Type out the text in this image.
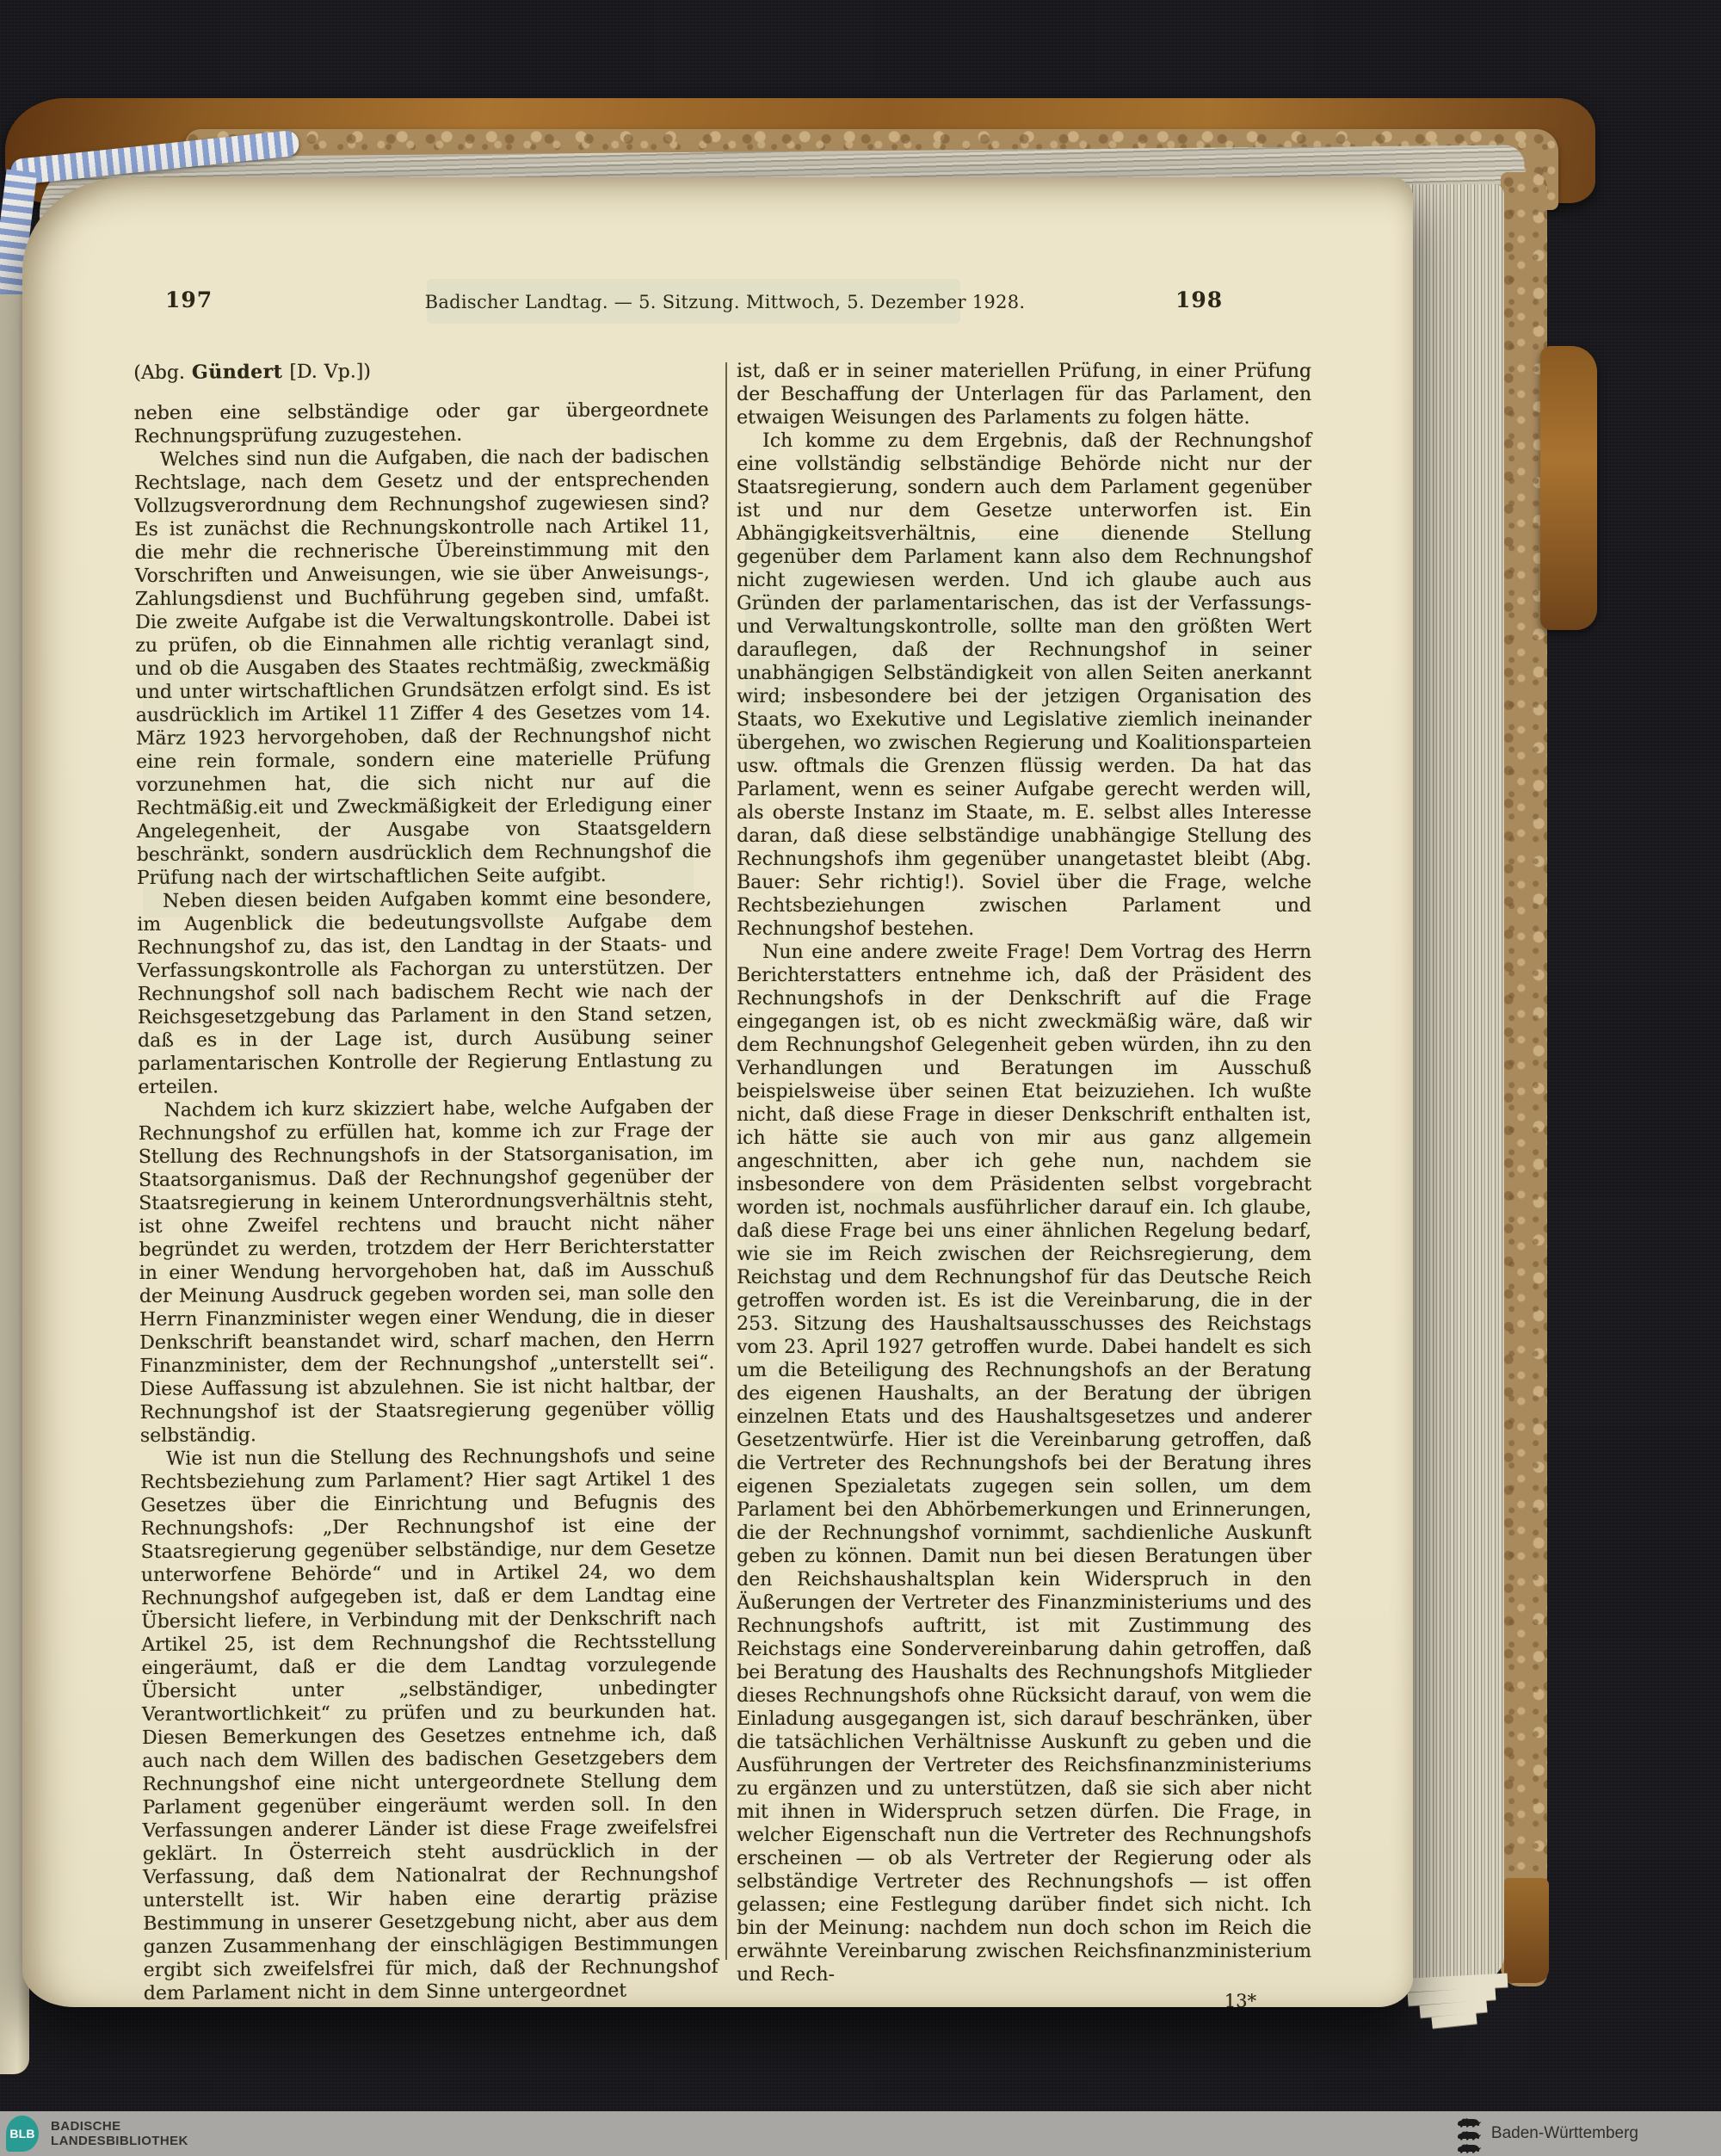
197	Badischer Landtag. — 5. Sitzung. Mittwoch, 5. Dezember 1928.	198

(Abg. Gündert [D. Vp.])

neben eine selbständige oder gar übergeordnete Rechnungsprüfung zuzugestehen.

Welches sind nun die Aufgaben, die nach der badischen Rechtslage, nach dem Gesetz und der entsprechenden Vollzugsverordnung dem Rechnungshof zugewiesen sind? Es ist zunächst die Rechnungskontrolle nach Artikel 11, die mehr die rechnerische Übereinstimmung mit den Vorschriften und Anweisungen, wie sie über Anweisungs-, Zahlungsdienst und Buchführung gegeben sind, umfaßt. Die zweite Aufgabe ist die Verwaltungskontrolle. Dabei ist zu prüfen, ob die Einnahmen alle richtig veranlagt sind, und ob die Ausgaben des Staates rechtmäßig, zweckmäßig und unter wirtschaftlichen Grundsätzen erfolgt sind. Es ist ausdrücklich im Artikel 11 Ziffer 4 des Gesetzes vom 14. März 1923 hervorgehoben, daß der Rechnungshof nicht eine rein formale, sondern eine materielle Prüfung vorzunehmen hat, die sich nicht nur auf die Rechtmäßig.eit und Zweckmäßigkeit der Erledigung einer Angelegenheit, der Ausgabe von Staatsgeldern beschränkt, sondern ausdrücklich dem Rechnungshof die Prüfung nach der wirtschaftlichen Seite aufgibt.

Neben diesen beiden Aufgaben kommt eine besondere, im Augenblick die bedeutungsvollste Aufgabe dem Rechnungshof zu, das ist, den Landtag in der Staats- und Verfassungskontrolle als Fachorgan zu unterstützen. Der Rechnungshof soll nach badischem Recht wie nach der Reichsgesetzgebung das Parlament in den Stand setzen, daß es in der Lage ist, durch Ausübung seiner parlamentarischen Kontrolle der Regierung Entlastung zu erteilen.

Nachdem ich kurz skizziert habe, welche Aufgaben der Rechnungshof zu erfüllen hat, komme ich zur Frage der Stellung des Rechnungshofs in der Statsorganisation, im Staatsorganismus. Daß der Rechnungshof gegenüber der Staatsregierung in keinem Unterordnungsverhältnis steht, ist ohne Zweifel rechtens und braucht nicht näher begründet zu werden, trotzdem der Herr Berichterstatter in einer Wendung hervorgehoben hat, daß im Ausschuß der Meinung Ausdruck gegeben worden sei, man solle den Herrn Finanzminister wegen einer Wendung, die in dieser Denkschrift beanstandet wird, scharf machen, den Herrn Finanzminister, dem der Rechnungshof „unterstellt sei“. Diese Auffassung ist abzulehnen. Sie ist nicht haltbar, der Rechnungshof ist der Staatsregierung gegenüber völlig selbständig.

Wie ist nun die Stellung des Rechnungshofs und seine Rechtsbeziehung zum Parlament? Hier sagt Artikel 1 des Gesetzes über die Einrichtung und Befugnis des Rechnungshofs: „Der Rechnungshof ist eine der Staatsregierung gegenüber selbständige, nur dem Gesetze unterworfene Behörde“ und in Artikel 24, wo dem Rechnungshof aufgegeben ist, daß er dem Landtag eine Übersicht liefere, in Verbindung mit der Denkschrift nach Artikel 25, ist dem Rechnungshof die Rechtsstellung eingeräumt, daß er die dem Landtag vorzulegende Übersicht unter „selbständiger, unbedingter Verantwortlichkeit“ zu prüfen und zu beurkunden hat. Diesen Bemerkungen des Gesetzes entnehme ich, daß auch nach dem Willen des badischen Gesetzgebers dem Rechnungshof eine nicht untergeordnete Stellung dem Parlament gegenüber eingeräumt werden soll. In den Verfassungen anderer Länder ist diese Frage zweifelsfrei geklärt. In Österreich steht ausdrücklich in der Verfassung, daß dem Nationalrat der Rechnungshof unterstellt ist. Wir haben eine derartig präzise Bestimmung in unserer Gesetzgebung nicht, aber aus dem ganzen Zusammenhang der einschlägigen Bestimmungen ergibt sich zweifelsfrei für mich, daß der Rechnungshof dem Parlament nicht in dem Sinne untergeordnet

ist, daß er in seiner materiellen Prüfung, in einer Prüfung der Beschaffung der Unterlagen für das Parlament, den etwaigen Weisungen des Parlaments zu folgen hätte.

Ich komme zu dem Ergebnis, daß der Rechnungshof eine vollständig selbständige Behörde nicht nur der Staatsregierung, sondern auch dem Parlament gegenüber ist und nur dem Gesetze unterworfen ist. Ein Abhängigkeitsverhältnis, eine dienende Stellung gegenüber dem Parlament kann also dem Rechnungshof nicht zugewiesen werden. Und ich glaube auch aus Gründen der parlamentarischen, das ist der Verfassungs- und Verwaltungskontrolle, sollte man den größten Wert darauflegen, daß der Rechnungshof in seiner unabhängigen Selbständigkeit von allen Seiten anerkannt wird; insbesondere bei der jetzigen Organisation des Staats, wo Exekutive und Legislative ziemlich ineinander übergehen, wo zwischen Regierung und Koalitionsparteien usw. oftmals die Grenzen flüssig werden. Da hat das Parlament, wenn es seiner Aufgabe gerecht werden will, als oberste Instanz im Staate, m. E. selbst alles Interesse daran, daß diese selbständige unabhängige Stellung des Rechnungshofs ihm gegenüber unangetastet bleibt (Abg. Bauer: Sehr richtig!). Soviel über die Frage, welche Rechtsbeziehungen zwischen Parlament und Rechnungshof bestehen.

Nun eine andere zweite Frage! Dem Vortrag des Herrn Berichterstatters entnehme ich, daß der Präsident des Rechnungshofs in der Denkschrift auf die Frage eingegangen ist, ob es nicht zweckmäßig wäre, daß wir dem Rechnungshof Gelegenheit geben würden, ihn zu den Verhandlungen und Beratungen im Ausschuß beispielsweise über seinen Etat beizuziehen. Ich wußte nicht, daß diese Frage in dieser Denkschrift enthalten ist, ich hätte sie auch von mir aus ganz allgemein angeschnitten, aber ich gehe nun, nachdem sie insbesondere von dem Präsidenten selbst vorgebracht worden ist, nochmals ausführlicher darauf ein. Ich glaube, daß diese Frage bei uns einer ähnlichen Regelung bedarf, wie sie im Reich zwischen der Reichsregierung, dem Reichstag und dem Rechnungshof für das Deutsche Reich getroffen worden ist. Es ist die Vereinbarung, die in der 253. Sitzung des Haushaltsausschusses des Reichstags vom 23. April 1927 getroffen wurde. Dabei handelt es sich um die Beteiligung des Rechnungshofs an der Beratung des eigenen Haushalts, an der Beratung der übrigen einzelnen Etats und des Haushaltsgesetzes und anderer Gesetzentwürfe. Hier ist die Vereinbarung getroffen, daß die Vertreter des Rechnungshofs bei der Beratung ihres eigenen Spezialetats zugegen sein sollen, um dem Parlament bei den Abhörbemerkungen und Erinnerungen, die der Rechnungshof vornimmt, sachdienliche Auskunft geben zu können. Damit nun bei diesen Beratungen über den Reichshaushaltsplan kein Widerspruch in den Äußerungen der Vertreter des Finanzministeriums und des Rechnungshofs auftritt, ist mit Zustimmung des Reichstags eine Sondervereinbarung dahin getroffen, daß bei Beratung des Haushalts des Rechnungshofs Mitglieder dieses Rechnungshofs ohne Rücksicht darauf, von wem die Einladung ausgegangen ist, sich darauf beschränken, über die tatsächlichen Verhältnisse Auskunft zu geben und die Ausführungen der Vertreter des Reichsfinanzministeriums zu ergänzen und zu unterstützen, daß sie sich aber nicht mit ihnen in Widerspruch setzen dürfen. Die Frage, in welcher Eigenschaft nun die Vertreter des Rechnungshofs erscheinen — ob als Vertreter der Regierung oder als selbständige Vertreter des Rechnungshofs — ist offen gelassen; eine Festlegung darüber findet sich nicht. Ich bin der Meinung: nachdem nun doch schon im Reich die erwähnte Vereinbarung zwischen Reichsfinanzministerium und Rech-

13*

BLB BADISCHE
LANDESBIBLIOTHEK	Baden-Württemberg
